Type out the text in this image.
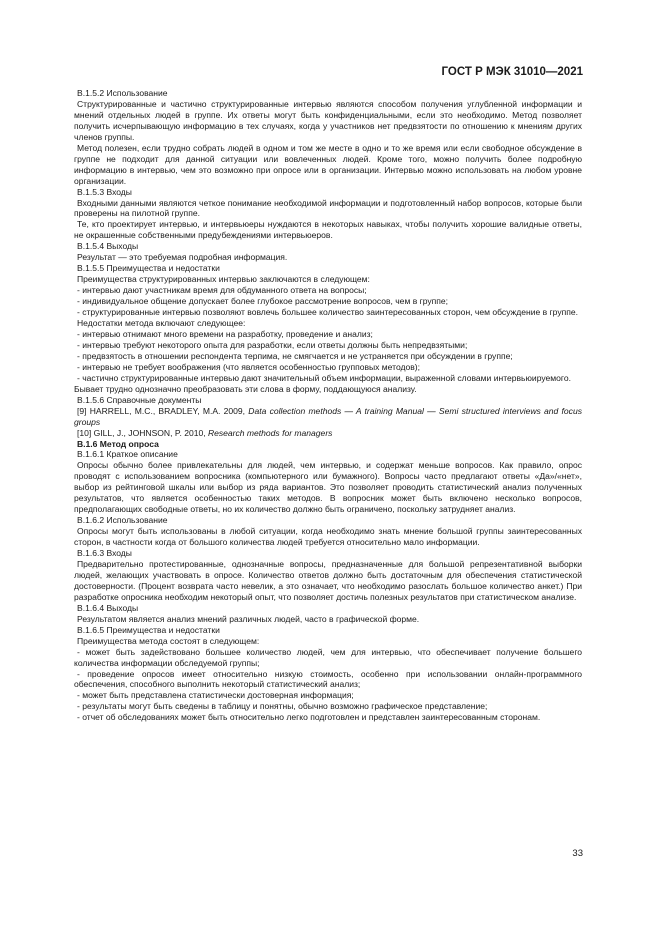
ГОСТ Р МЭК 31010—2021

B.1.5.2 Использование

Структурированные и частично структурированные интервью являются способом получения углубленной информации и мнений отдельных людей в группе. Их ответы могут быть конфиденциальными, если это необходимо. Метод позволяет получить исчерпывающую информацию в тех случаях, когда у участников нет предвзятости по отношению к мнениям других членов группы.

Метод полезен, если трудно собрать людей в одном и том же месте в одно и то же время или если свободное обсуждение в группе не подходит для данной ситуации или вовлеченных людей. Кроме того, можно получить более подробную информацию в интервью, чем это возможно при опросе или в организации. Интервью можно использовать на любом уровне организации.

B.1.5.3 Входы

Входными данными являются четкое понимание необходимой информации и подготовленный набор вопросов, которые были проверены на пилотной группе.

Те, кто проектирует интервью, и интервьюеры нуждаются в некоторых навыках, чтобы получить хорошие валидные ответы, не окрашенные собственными предубеждениями интервьюеров.

B.1.5.4 Выходы

Результат — это требуемая подробная информация.

B.1.5.5 Преимущества и недостатки

Преимущества структурированных интервью заключаются в следующем:

- интервью дают участникам время для обдуманного ответа на вопросы;

- индивидуальное общение допускает более глубокое рассмотрение вопросов, чем в группе;

- структурированные интервью позволяют вовлечь большее количество заинтересованных сторон, чем обсуждение в группе.

Недостатки метода включают следующее:

- интервью отнимают много времени на разработку, проведение и анализ;

- интервью требуют некоторого опыта для разработки, если ответы должны быть непредвзятыми;

- предвзятость в отношении респондента терпима, не смягчается и не устраняется при обсуждении в группе;

- интервью не требует воображения (что является особенностью групповых методов);

- частично структурированные интервью дают значительный объем информации, выраженной словами интервьюируемого. Бывает трудно однозначно преобразовать эти слова в форму, поддающуюся анализу.

B.1.5.6 Справочные документы

[9] HARRELL, M.C., BRADLEY, M.A. 2009, Data collection methods — A training Manual — Semi structured interviews and focus groups

[10] GILL, J., JOHNSON, P. 2010, Research methods for managers

B.1.6 Метод опроса

B.1.6.1 Краткое описание

Опросы обычно более привлекательны для людей, чем интервью, и содержат меньше вопросов. Как правило, опрос проводят с использованием вопросника (компьютерного или бумажного). Вопросы часто предлагают ответы «Да»/«нет», выбор из рейтинговой шкалы или выбор из ряда вариантов. Это позволяет проводить статистический анализ полученных результатов, что является особенностью таких методов. В вопросник может быть включено несколько вопросов, предполагающих свободные ответы, но их количество должно быть ограничено, поскольку затрудняет анализ.

B.1.6.2 Использование

Опросы могут быть использованы в любой ситуации, когда необходимо знать мнение большой группы заинтересованных сторон, в частности когда от большого количества людей требуется относительно мало информации.

B.1.6.3 Входы

Предварительно протестированные, однозначные вопросы, предназначенные для большой репрезентативной выборки людей, желающих участвовать в опросе. Количество ответов должно быть достаточным для обеспечения статистической достоверности. (Процент возврата часто невелик, а это означает, что необходимо разослать большое количество анкет.) При разработке опросника необходим некоторый опыт, что позволяет достичь полезных результатов при статистическом анализе.

B.1.6.4 Выходы

Результатом является анализ мнений различных людей, часто в графической форме.

B.1.6.5 Преимущества и недостатки

Преимущества метода состоят в следующем:

- может быть задействовано большее количество людей, чем для интервью, что обеспечивает получение большего количества информации обследуемой группы;

- проведение опросов имеет относительно низкую стоимость, особенно при использовании онлайн-программного обеспечения, способного выполнить некоторый статистический анализ;

- может быть представлена статистически достоверная информация;

- результаты могут быть сведены в таблицу и понятны, обычно возможно графическое представление;

- отчет об обследованиях может быть относительно легко подготовлен и представлен заинтересованным сторонам.

33
